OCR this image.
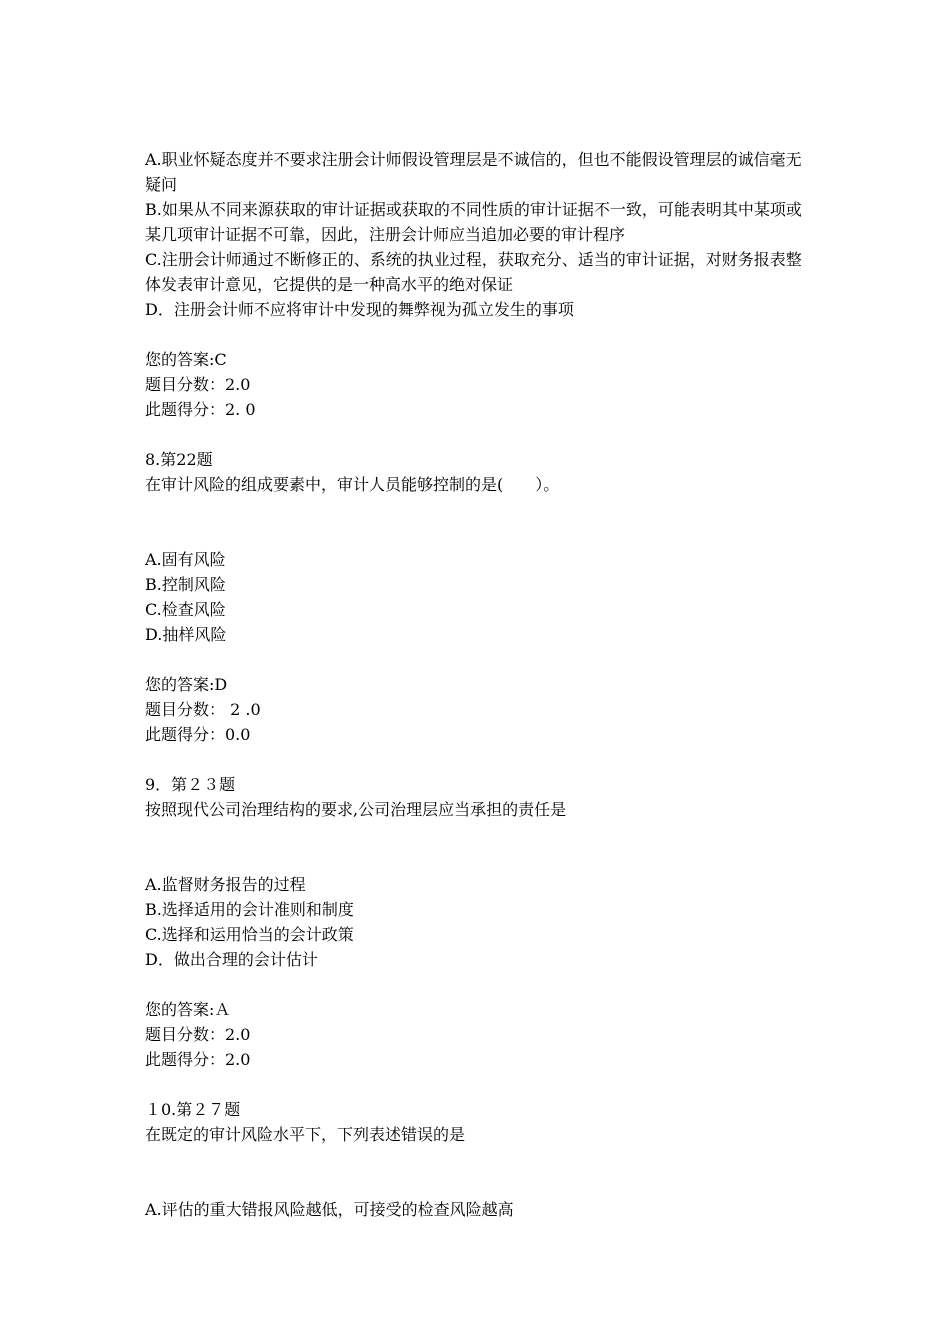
A.职业怀疑态度并不要求注册会计师假设管理层是不诚信的，但也不能假设管理层的诚信毫无疑问
B.如果从不同来源获取的审计证据或获取的不同性质的审计证据不一致，可能表明其中某项或某几项审计证据不可靠，因此，注册会计师应当追加必要的审计程序
C.注册会计师通过不断修正的、系统的执业过程，获取充分、适当的审计证据，对财务报表整体发表审计意见，它提供的是一种高水平的绝对保证
D．注册会计师不应将审计中发现的舞弊视为孤立发生的事项
您的答案:C
题目分数：2.0
此题得分：2. 0
8.第22题
在审计风险的组成要素中，审计人员能够控制的是(　　）。
A.固有风险
B.控制风险
C.检查风险
D.抽样风险
您的答案:D
题目分数： 2 .0
此题得分：0.0
9．第２３题
按照现代公司治理结构的要求,公司治理层应当承担的责任是
A.监督财务报告的过程
B.选择适用的会计准则和制度
C.选择和运用恰当的会计政策
D．做出合理的会计估计
您的答案:Ａ
题目分数：2.0
此题得分：2.0
１0.第２７题
在既定的审计风险水平下，下列表述错误的是
A.评估的重大错报风险越低，可接受的检查风险越高
